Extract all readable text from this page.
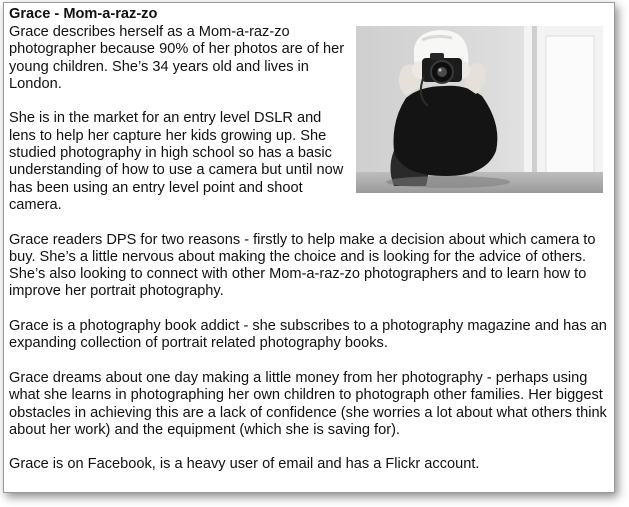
Grace - Mom-a-raz-zo

Grace describes herself as a Mom-a-raz-zo photographer because 90% of her photos are of her young children. She’s 34 years old and lives in London.

She is in the market for an entry level DSLR and lens to help her capture her kids growing up. She studied photography in high school so has a basic understanding of how to use a camera but until now has been using an entry level point and shoot camera.

Grace readers DPS for two reasons - firstly to help make a decision about which camera to buy. She’s a little nervous about making the choice and is looking for the advice of others. She’s also looking to connect with other Mom-a-raz-zo photographers and to learn how to improve her portrait photography.

Grace is a photography book addict - she subscribes to a photography magazine and has an expanding collection of portrait related photography books.

Grace dreams about one day making a little money from her photography - perhaps using what she learns in photographing her own children to photograph other families. Her biggest obstacles in achieving this are a lack of confidence (she worries a lot about what others think about her work) and the equipment (which she is saving for).

Grace is on Facebook, is a heavy user of email and has a Flickr account.
